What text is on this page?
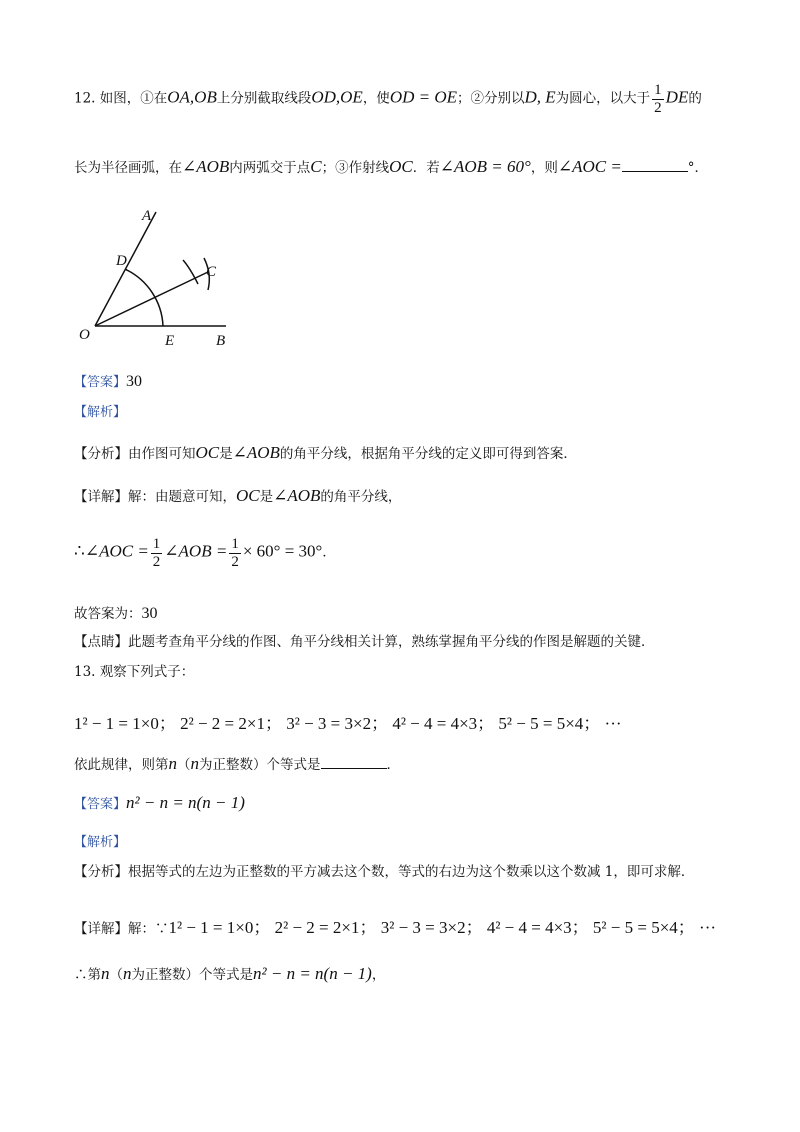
12. 如图，①在OA,OB上分别截取线段OD,OE，使OD = OE；②分别以D, E为圆心，以大于 $\frac{1}{2}$ DE的
长为半径画弧，在∠AOB内两弧交于点C；③作射线OC．若∠AOB = 60°，则∠AOC =	°．
A
D
C
O	E	B
【答案】30
【解析】
【分析】由作图可知OC是∠AOB的角平分线，根据角平分线的定义即可得到答案．
【详解】解：由题意可知，OC是∠AOB的角平分线，
∴∠AOC = $\frac{1}{2}$ ∠AOB = $\frac{1}{2} \times 60^\circ = 30^\circ$．
故答案为：30
【点睛】此题考查角平分线的作图、角平分线相关计算，熟练掌握角平分线的作图是解题的关键．
13. 观察下列式子：
1² − 1 = 1×0； 2² − 2 = 2×1； 3² − 3 = 3×2； 4² − 4 = 4×3； 5² − 5 = 5×4； ···
依此规律，则第n（n为正整数）个等式是	．
【答案】n² − n = n(n − 1)
【解析】
【分析】根据等式的左边为正整数的平方减去这个数，等式的右边为这个数乘以这个数减 1，即可求解．
【详解】解：∵1² − 1 = 1×0； 2² − 2 = 2×1； 3² − 3 = 3×2； 4² − 4 = 4×3； 5² − 5 = 5×4； ···
∴第n（n为正整数）个等式是n² − n = n(n − 1)，
